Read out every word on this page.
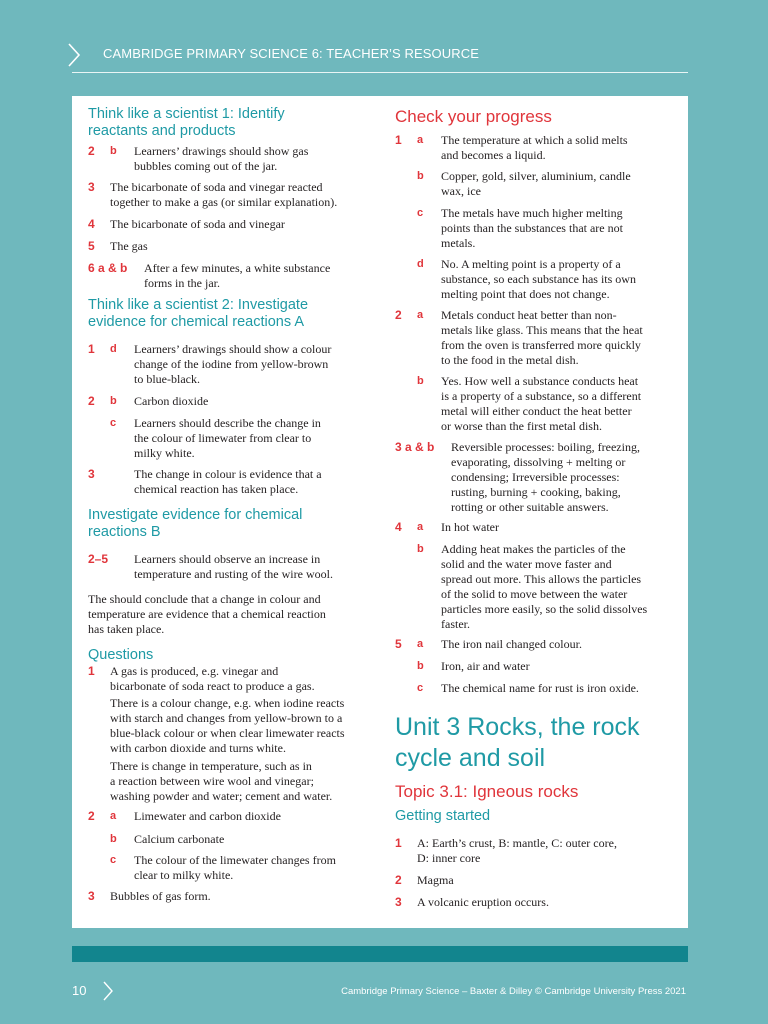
CAMBRIDGE PRIMARY SCIENCE 6: TEACHER’S RESOURCE
Think like a scientist 1: Identify
reactants and products
2 b Learners’ drawings should show gas
bubbles coming out of the jar.
3 The bicarbonate of soda and vinegar reacted
together to make a gas (or similar explanation).
4 The bicarbonate of soda and vinegar
5 The gas
6 a & b After a few minutes, a white substance
forms in the jar.
Think like a scientist 2: Investigate
evidence for chemical reactions A
1 d Learners’ drawings should show a colour
change of the iodine from yellow-brown
to blue-black.
2 b Carbon dioxide
c Learners should describe the change in
the colour of limewater from clear to
milky white.
3	The change in colour is evidence that a
chemical reaction has taken place.
Investigate evidence for chemical
reactions B
2–5 Learners should observe an increase in
temperature and rusting of the wire wool.
The should conclude that a change in colour and
temperature are evidence that a chemical reaction
has taken place.
Questions
1 A gas is produced, e.g. vinegar and
bicarbonate of soda react to produce a gas.
There is a colour change, e.g. when iodine reacts
with starch and changes from yellow-brown to a
blue-black colour or when clear limewater reacts
with carbon dioxide and turns white.
There is change in temperature, such as in
a reaction between wire wool and vinegar;
washing powder and water; cement and water.
2 a Limewater and carbon dioxide
b Calcium carbonate
c The colour of the limewater changes from
clear to milky white.
3 Bubbles of gas form.
Check your progress
1 a The temperature at which a solid melts
and becomes a liquid.
b Copper, gold, silver, aluminium, candle
wax, ice
c The metals have much higher melting
points than the substances that are not
metals.
d No. A melting point is a property of a
substance, so each substance has its own
melting point that does not change.
2 a Metals conduct heat better than non-
metals like glass. This means that the heat
from the oven is transferred more quickly
to the food in the metal dish.
b Yes. How well a substance conducts heat
is a property of a substance, so a different
metal will either conduct the heat better
or worse than the first metal dish.
3 a & b Reversible processes: boiling, freezing,
evaporating, dissolving + melting or
condensing; Irreversible processes:
rusting, burning + cooking, baking,
rotting or other suitable answers.
4 a In hot water
b Adding heat makes the particles of the
solid and the water move faster and
spread out more. This allows the particles
of the solid to move between the water
particles more easily, so the solid dissolves
faster.
5 a The iron nail changed colour.
b Iron, air and water
c The chemical name for rust is iron oxide.
Unit 3 Rocks, the rock
cycle and soil
Topic 3.1: Igneous rocks
Getting started
1 A: Earth’s crust, B: mantle, C: outer core,
D: inner core
2 Magma
3 A volcanic eruption occurs.
10	Cambridge Primary Science – Baxter & Dilley © Cambridge University Press 2021
